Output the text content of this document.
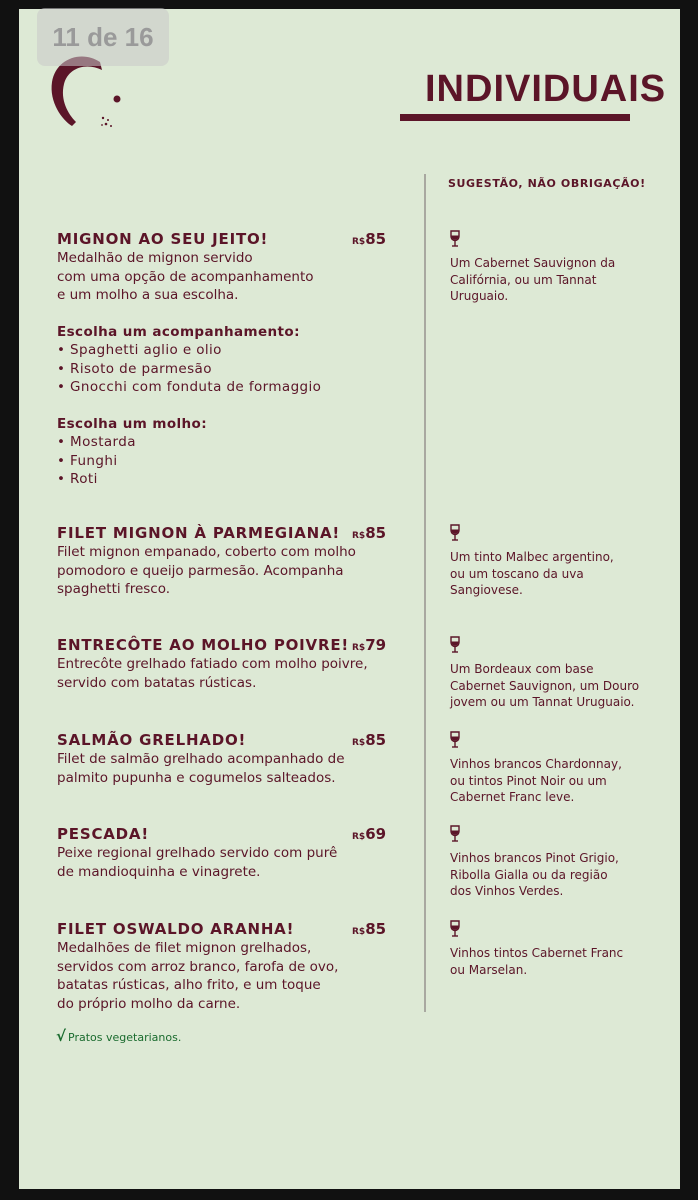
11 de 16
INDIVIDUAIS
SUGESTÃO, NÃO OBRIGAÇÃO!
MIGNON AO SEU JEITO!	R$85
Medalhão de mignon servido
com uma opção de acompanhamento
e um molho a sua escolha.
Escolha um acompanhamento:
• Spaghetti aglio e olio
• Risoto de parmesão
• Gnocchi com fonduta de formaggio
Escolha um molho:
• Mostarda
• Funghi
• Roti
Um Cabernet Sauvignon da
Califórnia, ou um Tannat
Uruguaio.
FILET MIGNON À PARMEGIANA!	R$85
Filet mignon empanado, coberto com molho
pomodoro e queijo parmesão. Acompanha
spaghetti fresco.
Um tinto Malbec argentino,
ou um toscano da uva
Sangiovese.
ENTRECÔTE AO MOLHO POIVRE! R$79
Entrecôte grelhado fatiado com molho poivre,
servido com batatas rústicas.
Um Bordeaux com base
Cabernet Sauvignon, um Douro
jovem ou um Tannat Uruguaio.
SALMÃO GRELHADO!	R$85
Filet de salmão grelhado acompanhado de
palmito pupunha e cogumelos salteados.
Vinhos brancos Chardonnay,
ou tintos Pinot Noir ou um
Cabernet Franc leve.
PESCADA!	R$69
Peixe regional grelhado servido com purê
de mandioquinha e vinagrete.
Vinhos brancos Pinot Grigio,
Ribolla Gialla ou da região
dos Vinhos Verdes.
FILET OSWALDO ARANHA!	R$85
Medalhões de filet mignon grelhados,
servidos com arroz branco, farofa de ovo,
batatas rústicas, alho frito, e um toque
do próprio molho da carne.
Vinhos tintos Cabernet Franc
ou Marselan.
√ Pratos vegetarianos.
